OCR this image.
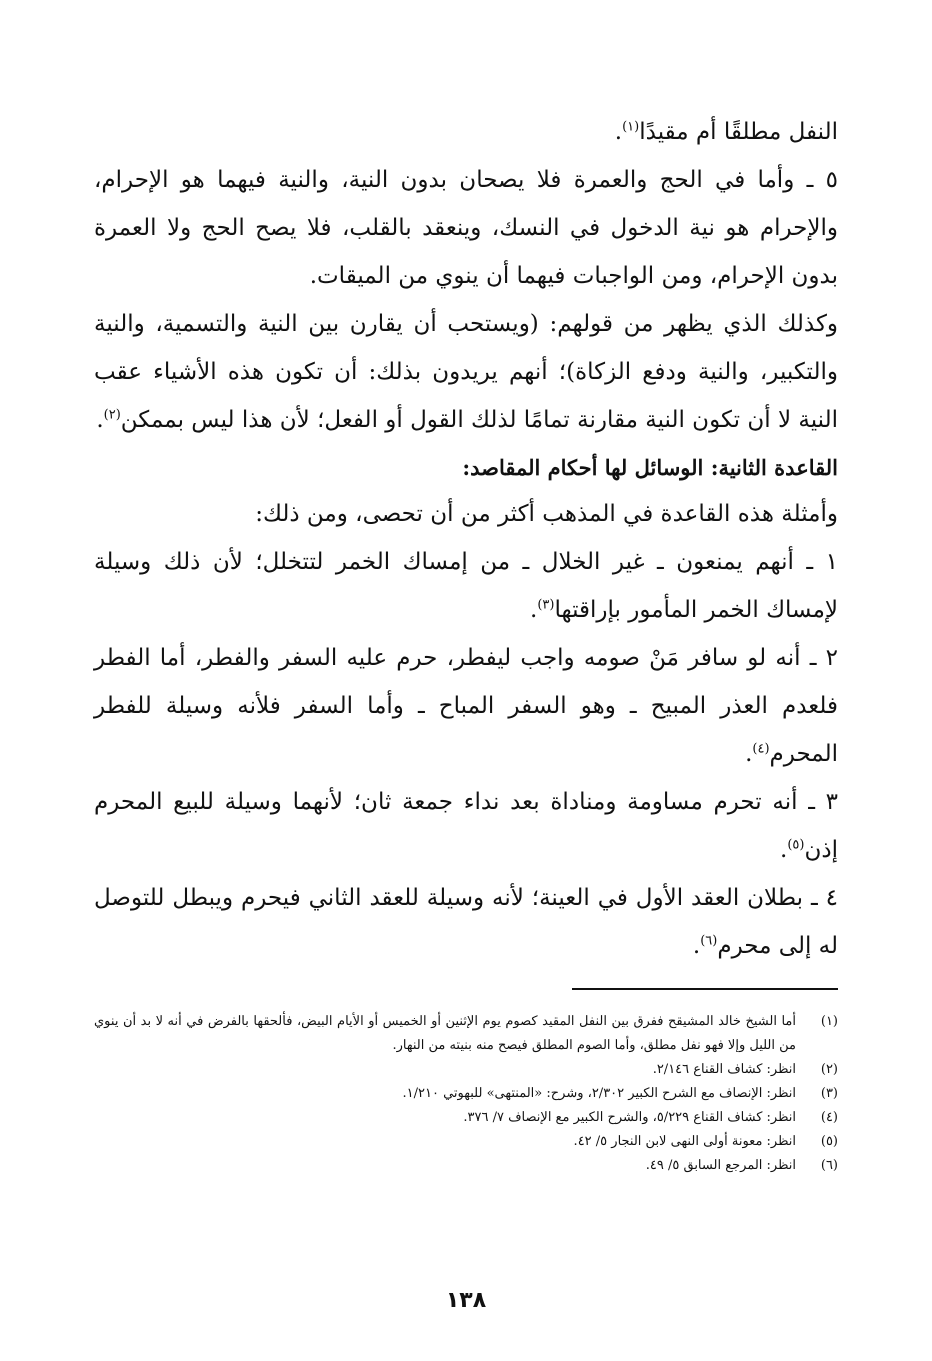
النفل مطلقًا أم مقيدًا$^{(١)}$.

٥ ـ وأما في الحج والعمرة فلا يصحان بدون النية، والنية فيهما هو الإحرام، والإحرام هو نية الدخول في النسك، وينعقد بالقلب، فلا يصح الحج ولا العمرة بدون الإحرام، ومن الواجبات فيهما أن ينوي من الميقات.

وكذلك الذي يظهر من قولهم: (ويستحب أن يقارن بين النية والتسمية، والنية والتكبير، والنية ودفع الزكاة)؛ أنهم يريدون بذلك: أن تكون هذه الأشياء عقب النية لا أن تكون النية مقارنة تمامًا لذلك القول أو الفعل؛ لأن هذا ليس بممكن$^{(٢)}$.

القاعدة الثانية: الوسائل لها أحكام المقاصد:

وأمثلة هذه القاعدة في المذهب أكثر من أن تحصى، ومن ذلك:

١ ـ أنهم يمنعون ـ غير الخلال ـ من إمساك الخمر لتتخلل؛ لأن ذلك وسيلة لإمساك الخمر المأمور بإراقتها$^{(٣)}$.

٢ ـ أنه لو سافر مَنْ صومه واجب ليفطر، حرم عليه السفر والفطر، أما الفطر فلعدم العذر المبيح ـ وهو السفر المباح ـ وأما السفر فلأنه وسيلة للفطر المحرم$^{(٤)}$.

٣ ـ أنه تحرم مساومة ومناداة بعد نداء جمعة ثان؛ لأنهما وسيلة للبيع المحرم إذن$^{(٥)}$.

٤ ـ بطلان العقد الأول في العينة؛ لأنه وسيلة للعقد الثاني فيحرم ويبطل للتوصل له إلى محرم$^{(٦)}$.

(١)
أما الشيخ خالد المشيقح ففرق بين النفل المقيد كصوم يوم الإثنين أو الخميس أو الأيام البيض، فألحقها بالفرض في أنه لا بد أن ينوي من الليل وإلا فهو نفل مطلق، وأما الصوم المطلق فيصح منه بنيته من النهار.
(٢)
انظر: كشاف القناع ٢/١٤٦.
(٣)
انظر: الإنصاف مع الشرح الكبير ٢/٣٠٢، وشرح: «المنتهى» للبهوتي ١/٢١٠.
(٤)
انظر: كشاف القناع ٥/٢٢٩، والشرح الكبير مع الإنصاف ٧/ ٣٧٦.
(٥)
انظر: معونة أولى النهى لابن النجار ٥/ ٤٢.
(٦)
انظر: المرجع السابق ٥/ ٤٩.
١٣٨
